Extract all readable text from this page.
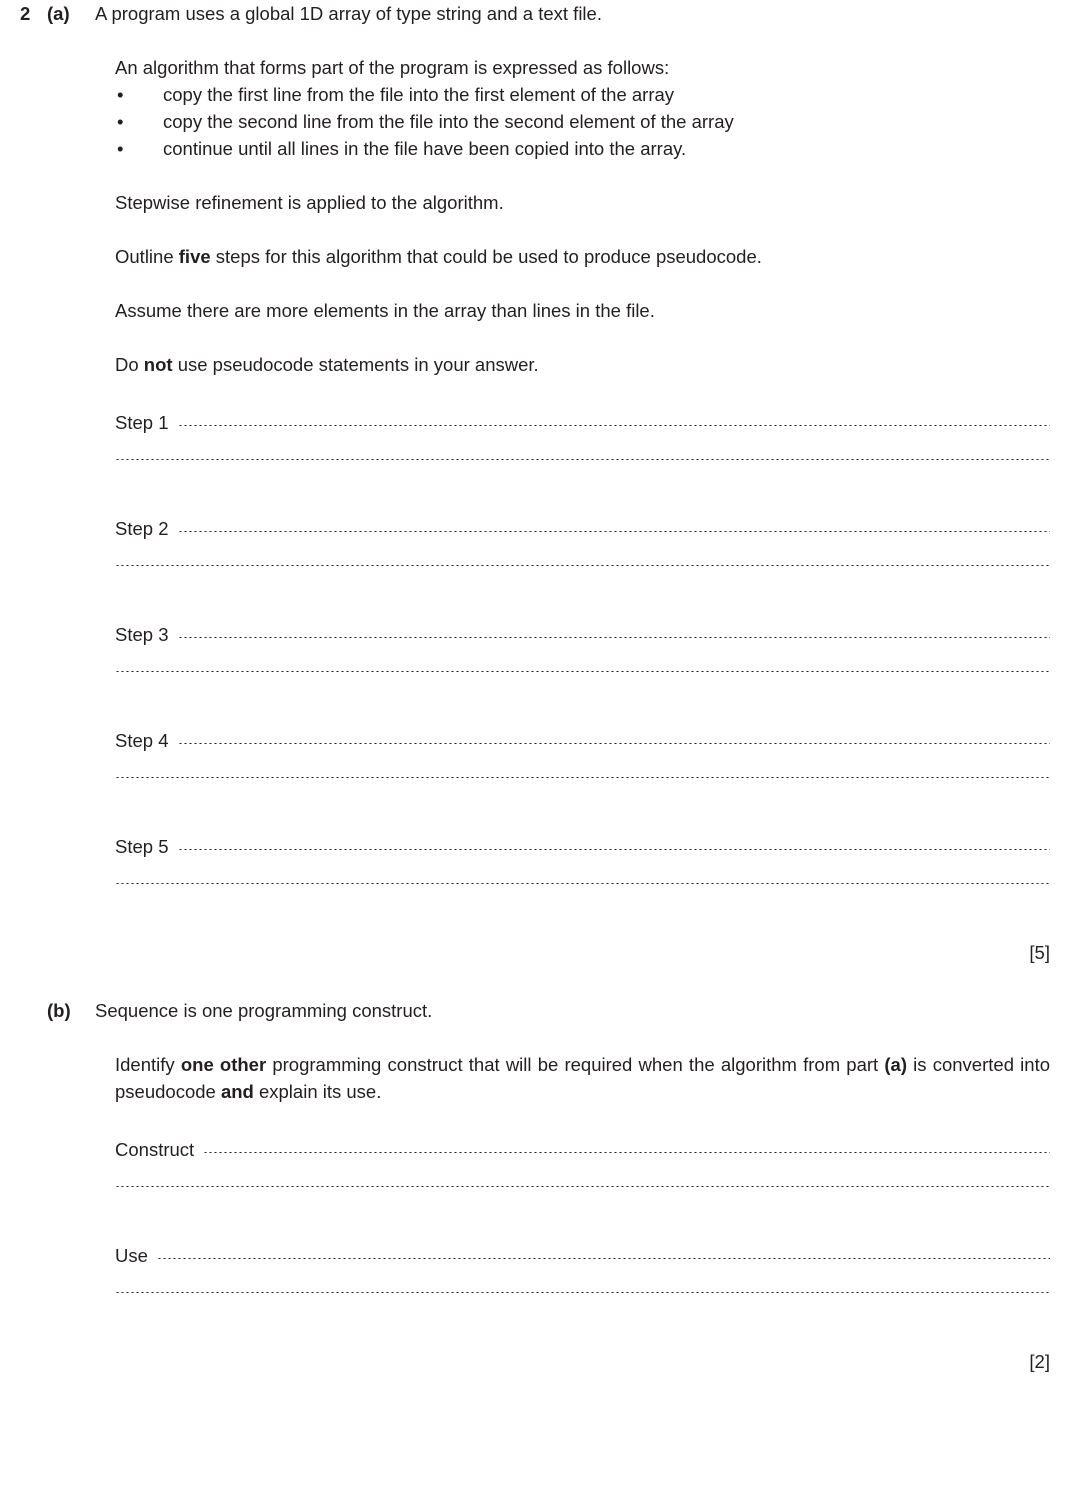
2 (a)	A program uses a global 1D array of type string and a text file.

An algorithm that forms part of the program is expressed as follows:

• copy the first line from the file into the first element of the array
• copy the second line from the file into the second element of the array
• continue until all lines in the file have been copied into the array.

Stepwise refinement is applied to the algorithm.

Outline five steps for this algorithm that could be used to produce pseudocode.

Assume there are more elements in the array than lines in the file.

Do not use pseudocode statements in your answer.

Step 1
Step 2
Step 3
Step 4
Step 5
[5]
(b)	Sequence is one programming construct.

Identify one other programming construct that will be required when the algorithm from part (a) is converted into pseudocode and explain its use.

Construct
Use
[2]
